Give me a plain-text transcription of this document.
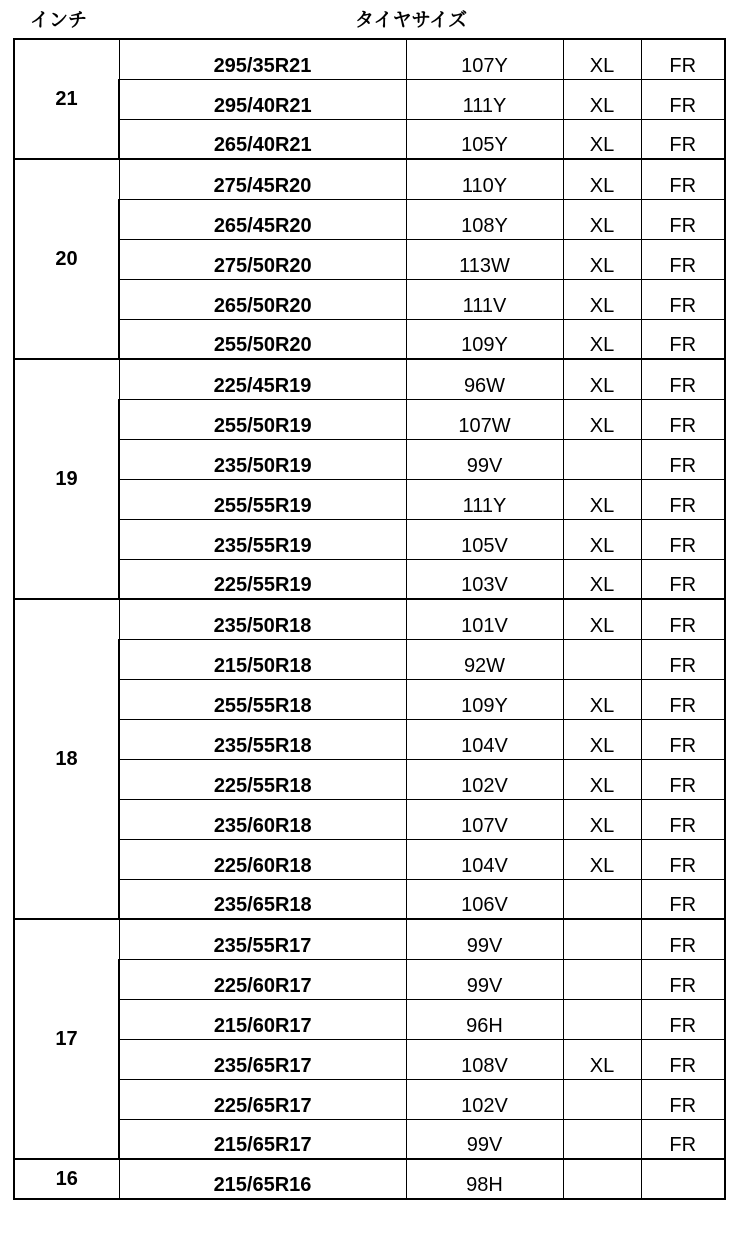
インチ	タイヤサイズ
21	295/35R21	107Y	XL	FR
	295/40R21	111Y	XL	FR
	265/40R21	105Y	XL	FR
20	275/45R20	110Y	XL	FR
	265/45R20	108Y	XL	FR
	275/50R20	113W	XL	FR
	265/50R20	111V	XL	FR
	255/50R20	109Y	XL	FR
19	225/45R19	96W	XL	FR
	255/50R19	107W	XL	FR
	235/50R19	99V		FR
	255/55R19	111Y	XL	FR
	235/55R19	105V	XL	FR
	225/55R19	103V	XL	FR
18	235/50R18	101V	XL	FR
	215/50R18	92W		FR
	255/55R18	109Y	XL	FR
	235/55R18	104V	XL	FR
	225/55R18	102V	XL	FR
	235/60R18	107V	XL	FR
	225/60R18	104V	XL	FR
	235/65R18	106V		FR
17	235/55R17	99V		FR
	225/60R17	99V		FR
	215/60R17	96H		FR
	235/65R17	108V	XL	FR
	225/65R17	102V		FR
	215/65R17	99V		FR
16	215/65R16	98H		
